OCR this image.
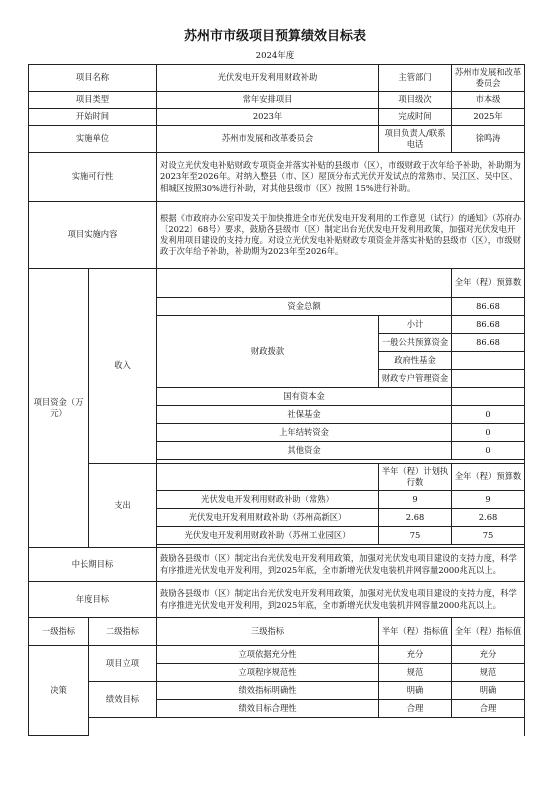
苏州市市级项目预算绩效目标表
2024年度
项目名称		光伏发电开发利用财政补助	主管部门	苏州市发展和改革委员会
项目类型		常年安排项目	项目级次	市本级
开始时间		2023年	完成时间	2025年
实施单位		苏州市发展和改革委员会	项目负责人/联系电话	徐鸣涛
实施可行性		对设立光伏发电补贴财政专项资金并落实补贴的县级市（区），市级财政于次年给予补助，补助期为2023年至2026年。对纳入整县（市、区）屋顶分布式光伏开发试点的常熟市、吴江区、吴中区、相城区按照30%进行补助，对其他县级市（区）按照 15%进行补助。		
项目实施内容		根据《市政府办公室印发关于加快推进全市光伏发电开发利用的工作意见（试行）的通知》（苏府办〔2022〕68号）要求，鼓励各县级市（区）制定出台光伏发电开发利用政策，加强对光伏发电开发利用项目建设的支持力度。对设立光伏发电补贴财政专项资金并落实补贴的县级市（区），市级财政于次年给予补助，补助期为2023年至2026年。		
项目资金（万元）	收入			全年（程）预算数
		资金总额		86.68
		财政拨款	小计	86.68
			一般公共预算资金	86.68
			政府性基金	
			财政专户管理资金	
		国有资本金		
		社保基金		0
		上年结转资金		0
		其他资金		0

	支出		半年（程）计划执行数	全年（程）预算数
		光伏发电开发利用财政补助（常熟）	9	9
		光伏发电开发利用财政补助（苏州高新区）	2.68	2.68
		光伏发电开发利用财政补助（苏州工业园区）	75	75

中长期目标		鼓励各县级市（区）制定出台光伏发电开发利用政策，加强对光伏发电项目建设的支持力度，科学有序推进光伏发电开发利用，到2025年底，全市新增光伏发电装机并网容量2000兆瓦以上。		
年度目标		鼓励各县级市（区）制定出台光伏发电开发利用政策，加强对光伏发电项目建设的支持力度，科学有序推进光伏发电开发利用，到2025年底，全市新增光伏发电装机并网容量2000兆瓦以上。		
一级指标	二级指标	三级指标	半年（程）指标值	全年（程）指标值
决策	项目立项	立项依据充分性	充分	充分
		立项程序规范性	规范	规范
	绩效目标	绩效指标明确性	明确	明确
		绩效目标合理性	合理	合理
